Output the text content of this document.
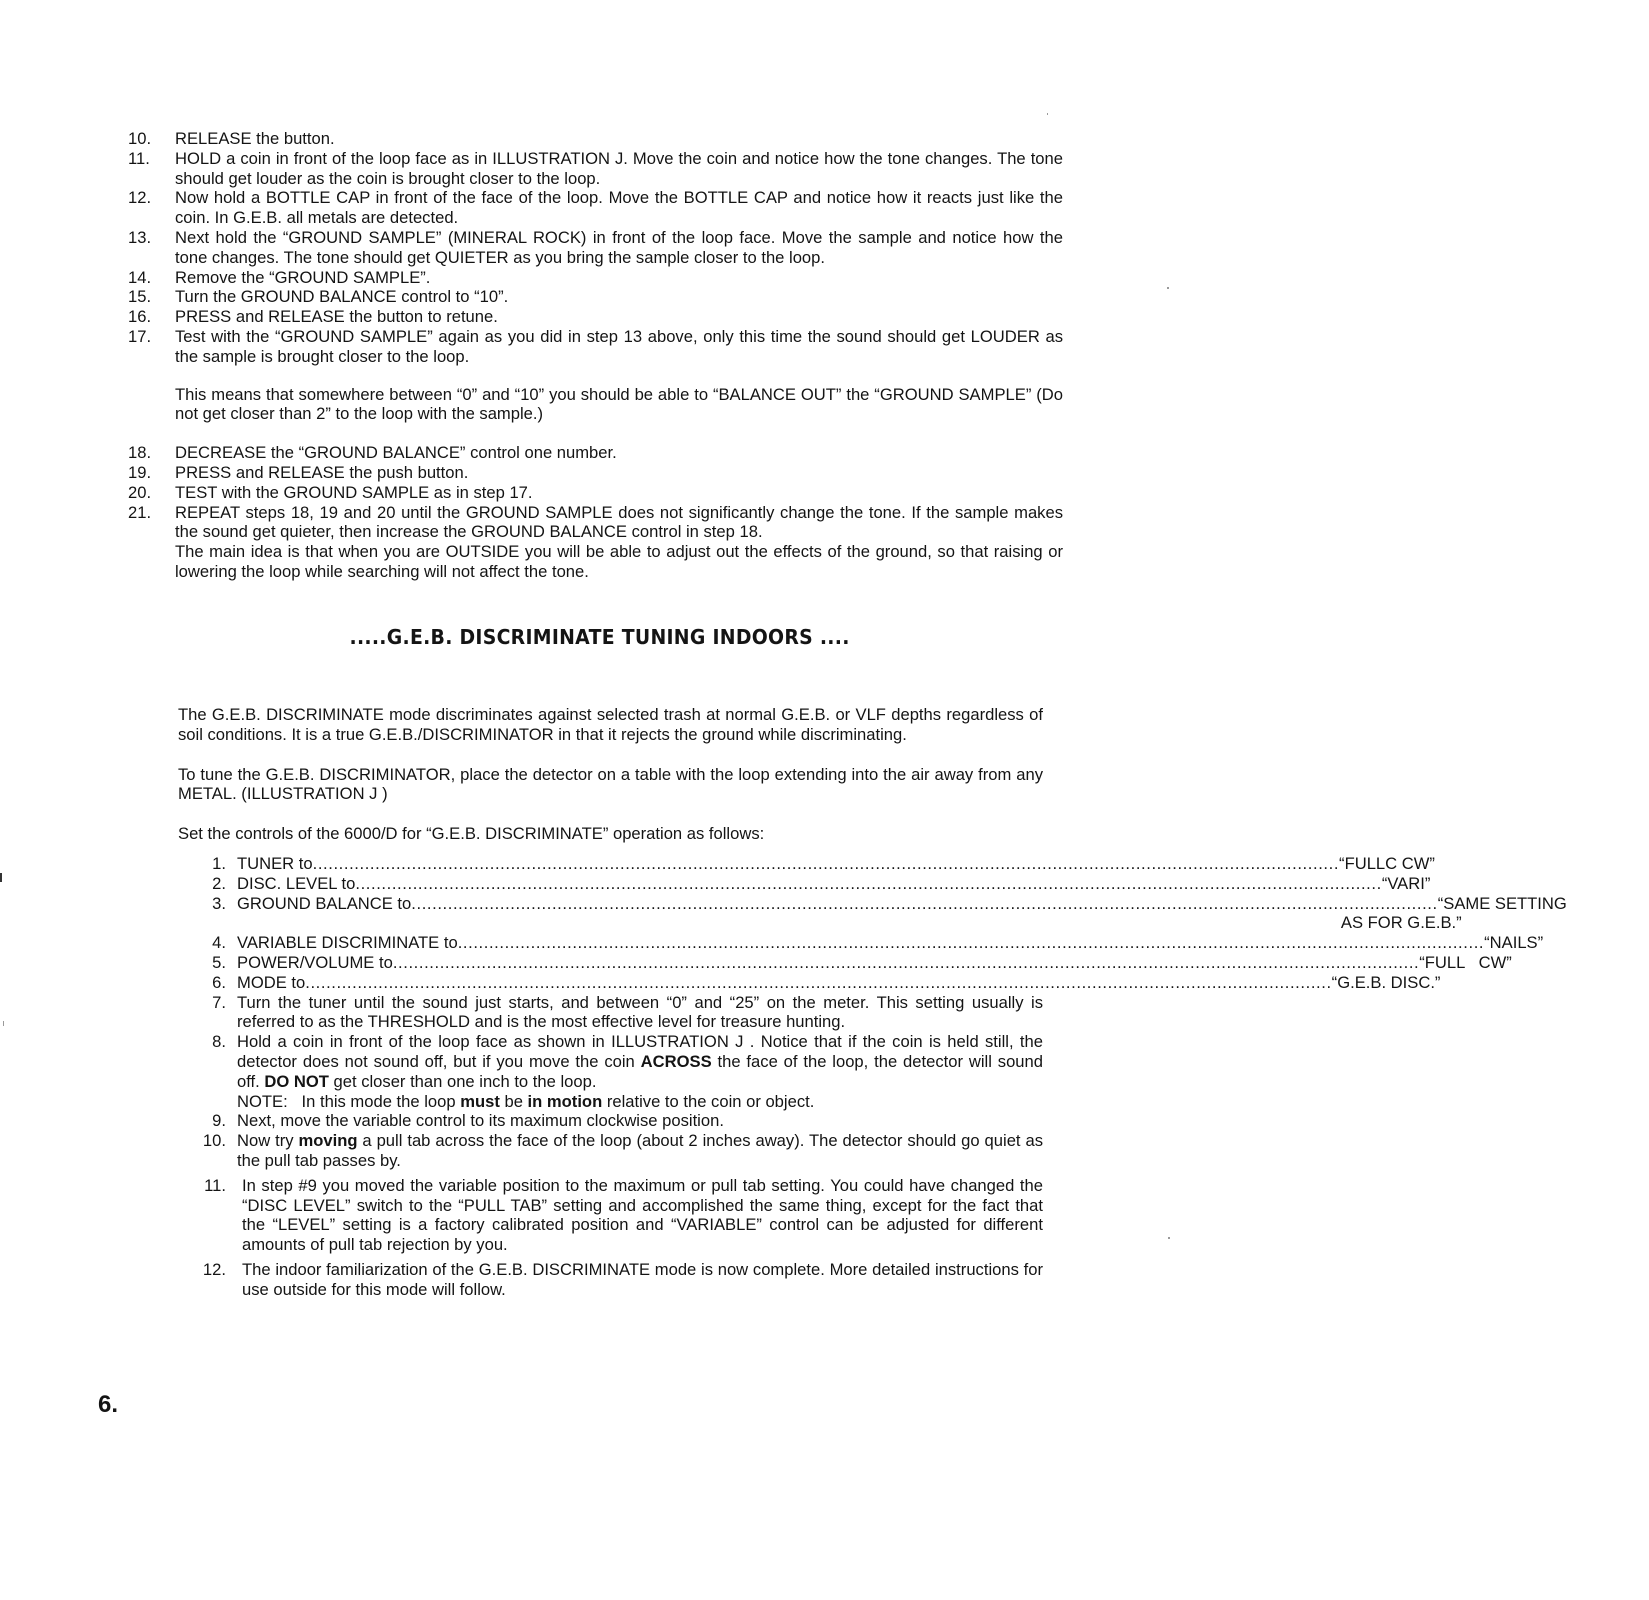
10.	RELEASE the button.
11.	HOLD a coin in front of the loop face as in ILLUSTRATION J. Move the coin and notice how the tone changes. The tone should get louder as the coin is brought closer to the loop.
12.	Now hold a BOTTLE CAP in front of the face of the loop. Move the BOTTLE CAP and notice how it reacts just like the coin. In G.E.B. all metals are detected.
13.	Next hold the “GROUND SAMPLE” (MINERAL ROCK) in front of the loop face. Move the sample and notice how the tone changes. The tone should get QUIETER as you bring the sample closer to the loop.
14.	Remove the “GROUND SAMPLE”.
15.	Turn the GROUND BALANCE control to “10”.
16.	PRESS and RELEASE the button to retune.
17.	Test with the “GROUND SAMPLE” again as you did in step 13 above, only this time the sound should get LOUDER as the sample is brought closer to the loop.
This means that somewhere between “0” and “10” you should be able to “BALANCE OUT” the “GROUND SAMPLE” (Do not get closer than 2” to the loop with the sample.)
18.	DECREASE the “GROUND BALANCE” control one number.
19.	PRESS and RELEASE the push button.
20.	TEST with the GROUND SAMPLE as in step 17.
21.	REPEAT steps 18, 19 and 20 until the GROUND SAMPLE does not significantly change the tone. If the sample makes the sound get quieter, then increase the GROUND BALANCE control in step 18.
The main idea is that when you are OUTSIDE you will be able to adjust out the effects of the ground, so that raising or lowering the loop while searching will not affect the tone.
.....G.E.B. DISCRIMINATE TUNING INDOORS ....

The G.E.B. DISCRIMINATE mode discriminates against selected trash at normal G.E.B. or VLF depths regardless of soil conditions. It is a true G.E.B./DISCRIMINATOR in that it rejects the ground while discriminating.

To tune the G.E.B. DISCRIMINATOR, place the detector on a table with the loop extending into the air away from any METAL. (ILLUSTRATION J )

Set the controls of the 6000/D for “G.E.B. DISCRIMINATE” operation as follows:

1. TUNER to .....	“FULLC CW”
2. DISC. LEVEL to .....	“VARI”
3. GROUND BALANCE to .....	“SAME SETTING
AS FOR G.E.B.”
4. VARIABLE DISCRIMINATE to .....	“NAILS”
5. POWER/VOLUME to .....	“FULL   CW”
6. MODE to .....	“G.E.B. DISC.”
7. Turn the tuner until the sound just starts, and between “0” and “25” on the meter. This setting usually is referred to as the THRESHOLD and is the most effective level for treasure hunting.
8. Hold a coin in front of the loop face as shown in ILLUSTRATION J . Notice that if the coin is held still, the detector does not sound off, but if you move the coin ACROSS the face of the loop, the detector will sound off. DO NOT get closer than one inch to the loop.
NOTE:   In this mode the loop must be in motion relative to the coin or object.
9. Next, move the variable control to its maximum clockwise position.
10. Now try moving a pull tab across the face of the loop (about 2 inches away). The detector should go quiet as the pull tab passes by.
11. In step #9 you moved the variable position to the maximum or pull tab setting. You could have changed the “DISC LEVEL” switch to the “PULL TAB” setting and accomplished the same thing, except for the fact that the “LEVEL” setting is a factory calibrated position and “VARIABLE” control can be adjusted for different amounts of pull tab rejection by you.
12. The indoor familiarization of the G.E.B. DISCRIMINATE mode is now complete. More detailed instructions for use outside for this mode will follow.
6.
